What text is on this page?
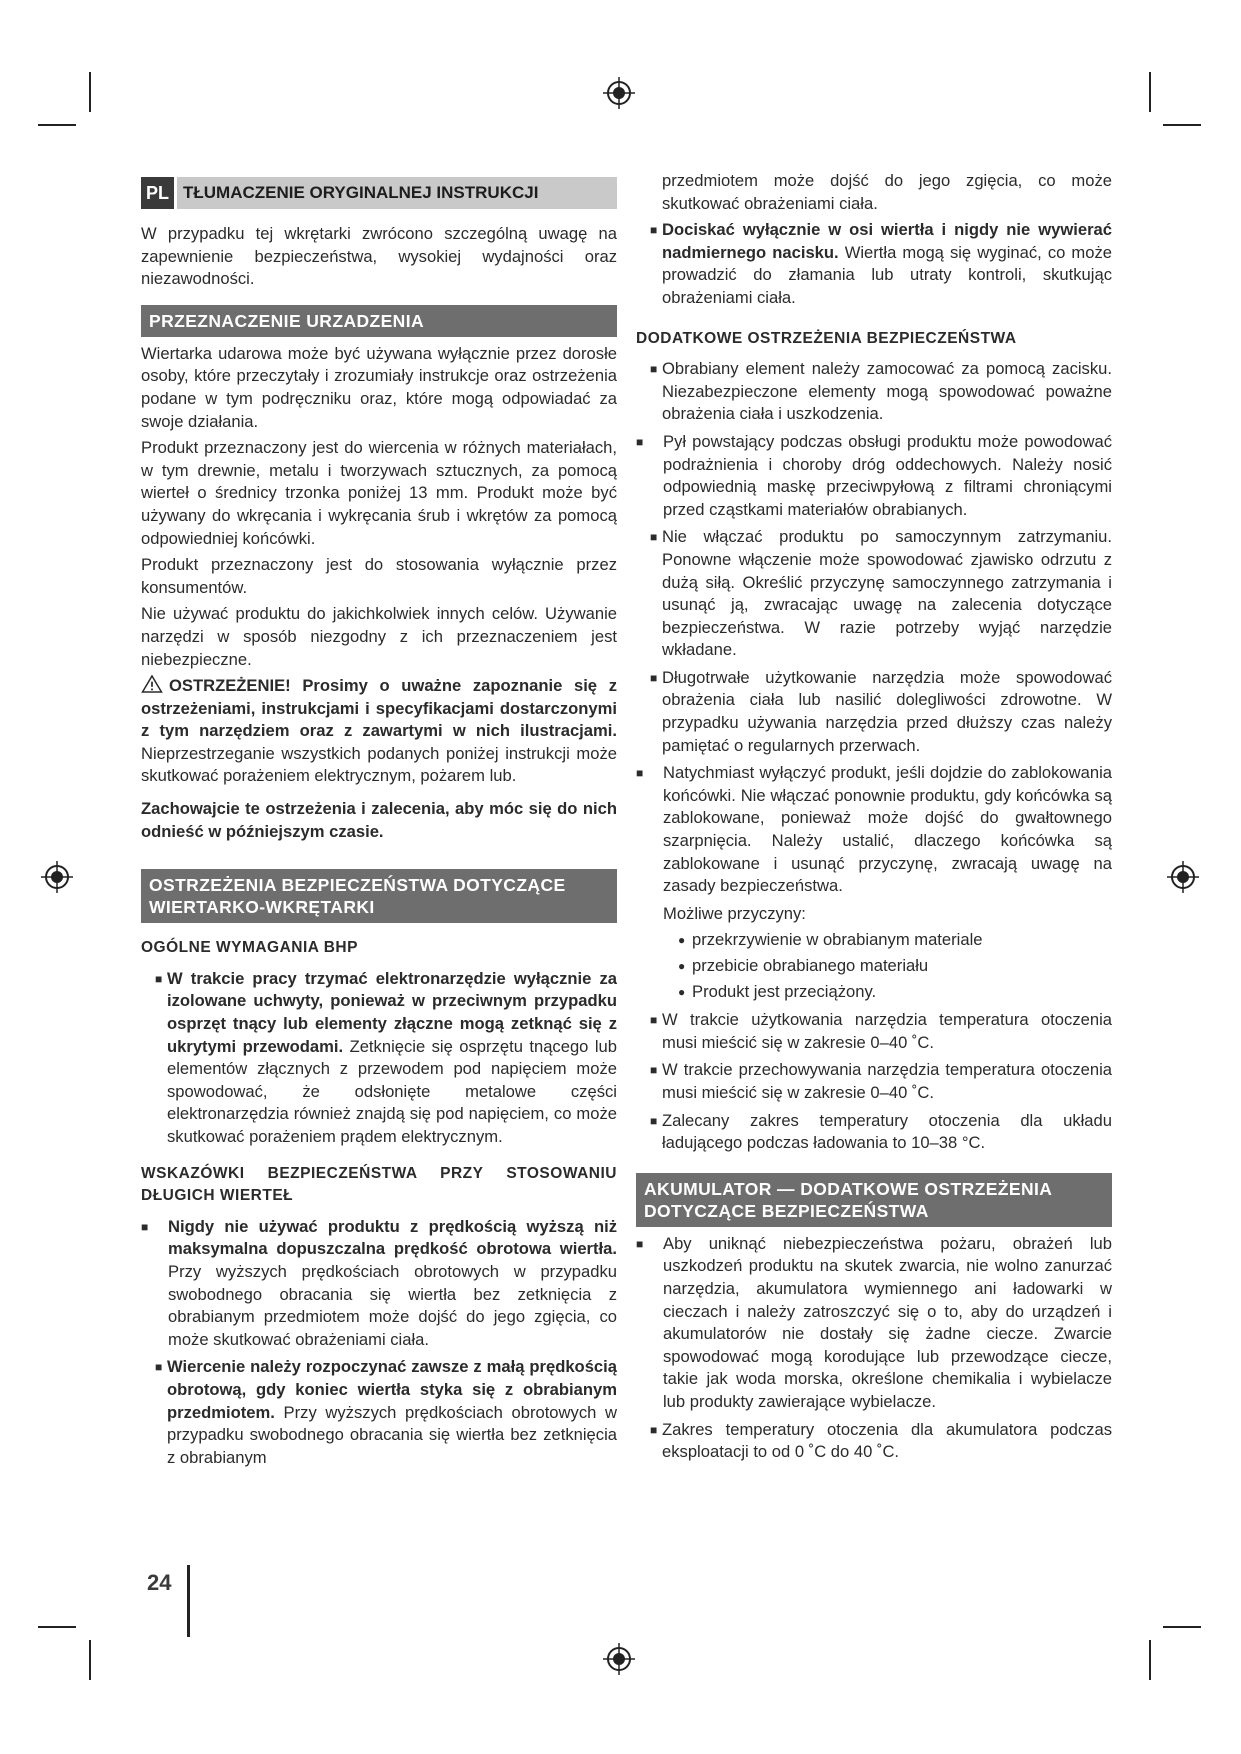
PL TŁUMACZENIE ORYGINALNEJ INSTRUKCJI

W przypadku tej wkrętarki zwrócono szczególną uwagę na zapewnienie bezpieczeństwa, wysokiej wydajności oraz niezawodności.

PRZEZNACZENIE URZADZENIA

Wiertarka udarowa może być używana wyłącznie przez dorosłe osoby, które przeczytały i zrozumiały instrukcje oraz ostrzeżenia podane w tym podręczniku oraz, które mogą odpowiadać za swoje działania.

Produkt przeznaczony jest do wiercenia w różnych materiałach, w tym drewnie, metalu i tworzywach sztucznych, za pomocą wierteł o średnicy trzonka poniżej 13 mm. Produkt może być używany do wkręcania i wykręcania śrub i wkrętów za pomocą odpowiedniej końcówki.

Produkt przeznaczony jest do stosowania wyłącznie przez konsumentów.

Nie używać produktu do jakichkolwiek innych celów. Używanie narzędzi w sposób niezgodny z ich przeznaczeniem jest niebezpieczne.

OSTRZEŻENIE! Prosimy o uważne zapoznanie się z ostrzeżeniami, instrukcjami i specyfikacjami dostarczonymi z tym narzędziem oraz z zawartymi w nich ilustracjami. Nieprzestrzeganie wszystkich podanych poniżej instrukcji może skutkować porażeniem elektrycznym, pożarem lub.

Zachowajcie te ostrzeżenia i zalecenia, aby móc się do nich odnieść w późniejszym czasie.

OSTRZEŻENIA BEZPIECZEŃSTWA DOTYCZĄCE
WIERTARKO-WKRĘTARKI
OGÓLNE WYMAGANIA BHP
■ W trakcie pracy trzymać elektronarzędzie wyłącznie za izolowane uchwyty, ponieważ w przeciwnym przypadku osprzęt tnący lub elementy złączne mogą zetknąć się z ukrytymi przewodami. Zetknięcie się osprzętu tnącego lub elementów złącznych z przewodem pod napięciem może spowodować, że odsłonięte metalowe części elektronarzędzia również znajdą się pod napięciem, co może skutkować porażeniem prądem elektrycznym.
WSKAZÓWKI BEZPIECZEŃSTWA PRZY STOSOWANIU DŁUGICH WIERTEŁ
■	Nigdy nie używać produktu z prędkością wyższą niż maksymalna dopuszczalna prędkość obrotowa wiertła. Przy wyższych prędkościach obrotowych w przypadku swobodnego obracania się wiertła bez zetknięcia z obrabianym przedmiotem może dojść do jego zgięcia, co może skutkować obrażeniami ciała.
■ Wiercenie należy rozpoczynać zawsze z małą prędkością obrotową, gdy koniec wiertła styka się z obrabianym przedmiotem. Przy wyższych prędkościach obrotowych w przypadku swobodnego obracania się wiertła bez zetknięcia z obrabianym

przedmiotem może dojść do jego zgięcia, co może skutkować obrażeniami ciała.

■ Dociskać wyłącznie w osi wiertła i nigdy nie wywierać nadmiernego nacisku. Wiertła mogą się wyginać, co może prowadzić do złamania lub utraty kontroli, skutkując obrażeniami ciała.
DODATKOWE OSTRZEŻENIA BEZPIECZEŃSTWA
■ Obrabiany element należy zamocować za pomocą zacisku. Niezabezpieczone elementy mogą spowodować poważne obrażenia ciała i uszkodzenia.
■	Pył powstający podczas obsługi produktu może powodować podrażnienia i choroby dróg oddechowych. Należy nosić odpowiednią maskę przeciwpyłową z filtrami chroniącymi przed cząstkami materiałów obrabianych.
■ Nie włączać produktu po samoczynnym zatrzymaniu. Ponowne włączenie może spowodować zjawisko odrzutu z dużą siłą. Określić przyczynę samoczynnego zatrzymania i usunąć ją, zwracając uwagę na zalecenia dotyczące bezpieczeństwa. W razie potrzeby wyjąć narzędzie wkładane.
■ Długotrwałe użytkowanie narzędzia może spowodować obrażenia ciała lub nasilić dolegliwości zdrowotne. W przypadku używania narzędzia przed dłuższy czas należy pamiętać o regularnych przerwach.
■	Natychmiast wyłączyć produkt, jeśli dojdzie do zablokowania końcówki. Nie włączać ponownie produktu, gdy końcówka są zablokowane, ponieważ może dojść do gwałtownego szarpnięcia. Należy ustalić, dlaczego końcówka są zablokowane i usunąć przyczynę, zwracają uwagę na zasady bezpieczeństwa.

Możliwe przyczyny:

● przekrzywienie w obrabianym materiale
● przebicie obrabianego materiału
● Produkt jest przeciążony.
■ W trakcie użytkowania narzędzia temperatura otoczenia musi mieścić się w zakresie 0–40 ˚C.
■ W trakcie przechowywania narzędzia temperatura otoczenia musi mieścić się w zakresie 0–40 ˚C.
■ Zalecany zakres temperatury otoczenia dla układu ładującego podczas ładowania to 10–38 °C.
AKUMULATOR — DODATKOWE OSTRZEŻENIA
DOTYCZĄCE BEZPIECZEŃSTWA
■	Aby uniknąć niebezpieczeństwa pożaru, obrażeń lub uszkodzeń produktu na skutek zwarcia, nie wolno zanurzać narzędzia, akumulatora wymiennego ani ładowarki w cieczach i należy zatroszczyć się o to, aby do urządzeń i akumulatorów nie dostały się żadne ciecze. Zwarcie spowodować mogą korodujące lub przewodzące ciecze, takie jak woda morska, określone chemikalia i wybielacze lub produkty zawierające wybielacze.
■ Zakres temperatury otoczenia dla akumulatora podczas eksploatacji to od 0 ˚C do 40 ˚C.
24
